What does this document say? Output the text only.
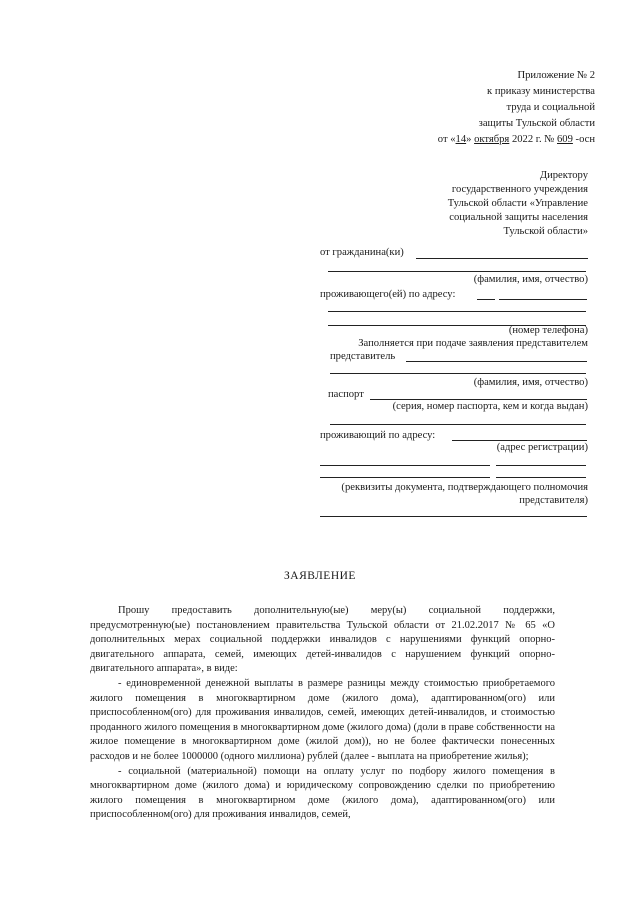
Приложение № 2
к приказу министерства
труда и социальной
защиты Тульской области
от «14» октября 2022 г. № 609 -осн
Директору
государственного учреждения
Тульской области «Управление
социальной защиты населения
Тульской области»
от гражданина(ки)
(фамилия, имя, отчество)
проживающего(ей) по адресу:
(номер телефона)
Заполняется при подаче заявления представителем
представитель
(фамилия, имя, отчество)
паспорт
(серия, номер паспорта, кем и когда выдан)
проживающий по адресу:
(адрес регистрации)
(реквизиты документа, подтверждающего полномочия
представителя)
ЗАЯВЛЕНИЕ

Прошу предоставить дополнительную(ые) меру(ы) социальной поддержки, предусмотренную(ые) постановлением правительства Тульской области от 21.02.2017 № 65 «О дополнительных мерах социальной поддержки инвалидов с нарушениями функций опорно-двигательного аппарата, семей, имеющих детей-инвалидов с нарушением функций опорно-двигательного аппарата», в виде:

- единовременной денежной выплаты в размере разницы между стоимостью приобретаемого жилого помещения в многоквартирном доме (жилого дома), адаптированном(ого) или приспособленном(ого) для проживания инвалидов, семей, имеющих детей-инвалидов, и стоимостью проданного жилого помещения в многоквартирном доме (жилого дома) (доли в праве собственности на жилое помещение в многоквартирном доме (жилой дом)), но не более фактически понесенных расходов и не более 1000000 (одного миллиона) рублей (далее - выплата на приобретение жилья);

- социальной (материальной) помощи на оплату услуг по подбору жилого помещения в многоквартирном доме (жилого дома) и юридическому сопровождению сделки по приобретению жилого помещения в многоквартирном доме (жилого дома), адаптированном(ого) или приспособленном(ого) для проживания инвалидов, семей,
